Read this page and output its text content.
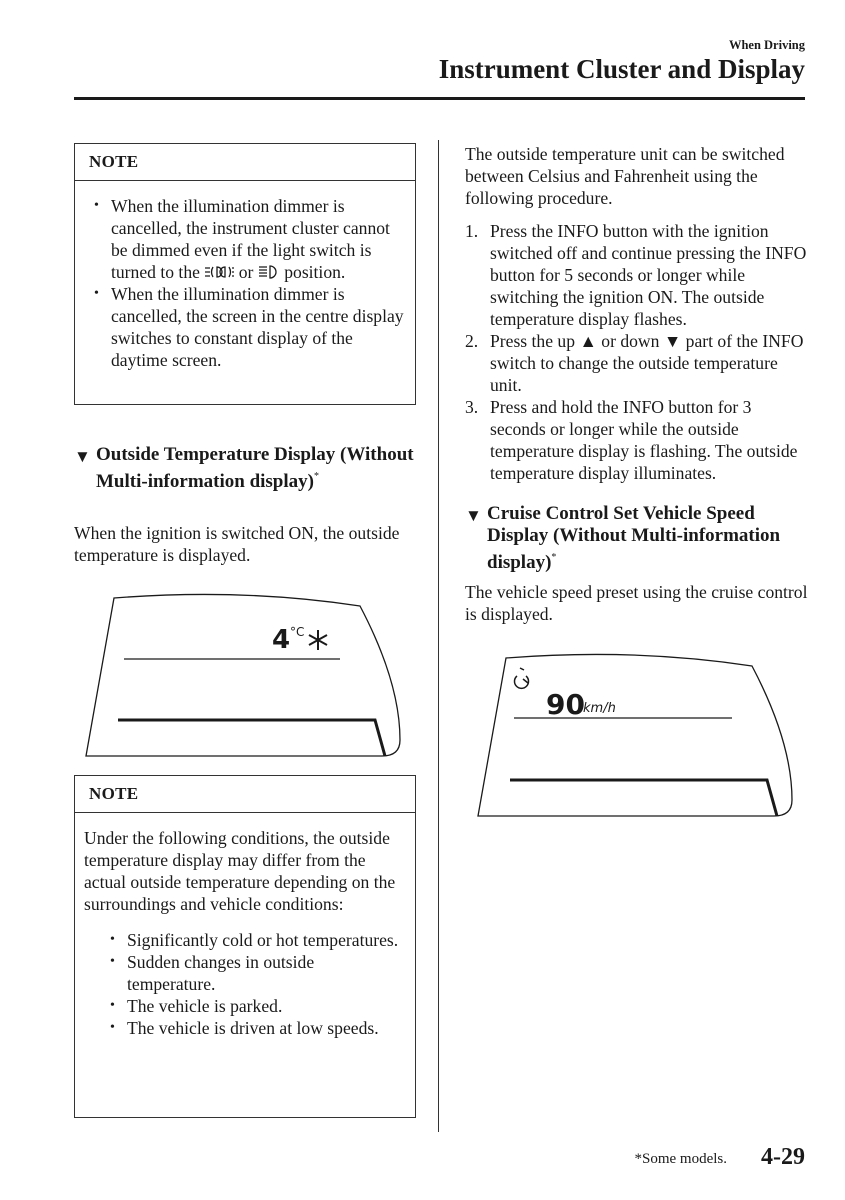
When Driving
Instrument Cluster and Display
NOTE
• When the illumination dimmer is cancelled, the instrument cluster cannot be dimmed even if the light switch is turned to the or position.
• When the illumination dimmer is cancelled, the screen in the centre display switches to constant display of the daytime screen.
▼ Outside Temperature Display (Without Multi-information display)*
When the ignition is switched ON, the outside temperature is displayed.
4 °C
NOTE
Under the following conditions, the outside temperature display may differ from the actual outside temperature depending on the surroundings and vehicle conditions:
• Significantly cold or hot temperatures.
• Sudden changes in outside temperature.
• The vehicle is parked.
• The vehicle is driven at low speeds.
The outside temperature unit can be switched between Celsius and Fahrenheit using the following procedure.
1. Press the INFO button with the ignition switched off and continue pressing the INFO button for 5 seconds or longer while switching the ignition ON. The outside temperature display flashes.
2. Press the up ▲ or down ▼ part of the INFO switch to change the outside temperature unit.
3. Press and hold the INFO button for 3 seconds or longer while the outside temperature display is flashing. The outside temperature display illuminates.
▼ Cruise Control Set Vehicle Speed Display (Without Multi-information display)*
The vehicle speed preset using the cruise control is displayed.
90
km/h
*Some models. 4-29
